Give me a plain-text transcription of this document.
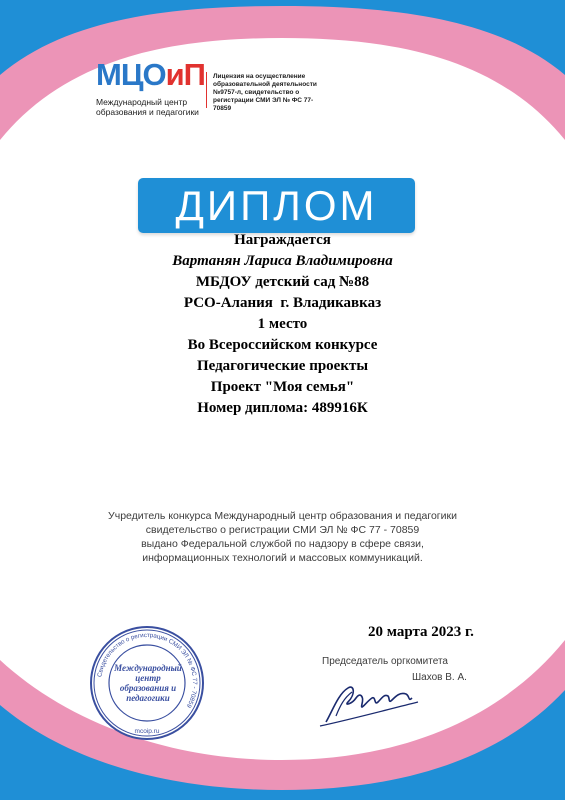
МЦОиП
Международный центр
образования и педагогики
Лицензия на осуществление образовательной деятельности №9757-л, свидетельство о регистрации СМИ ЭЛ № ФС 77-70859
ДИПЛОМ
Награждается
Вартанян Лариса Владимировна
МБДОУ детский сад №88
РСО-Алания  г. Владикавказ
1 место
Во Всероссийском конкурсе
Педагогические проекты
Проект "Моя семья"
Номер диплома: 489916К
Учредитель конкурса Международный центр образования и педагогики
свидетельство о регистрации СМИ ЭЛ № ФС 77 - 70859
выдано Федеральной службой по надзору в сфере связи,
информационных технологий и массовых коммуникаций.
20 марта 2023 г.
Председатель оргкомитета
Шахов В. А.
Свидетельство о регистрации СМИ ЭЛ № ФС 77 - 70859
mcoip.ru
Международный
центр
образования и
педагогики
